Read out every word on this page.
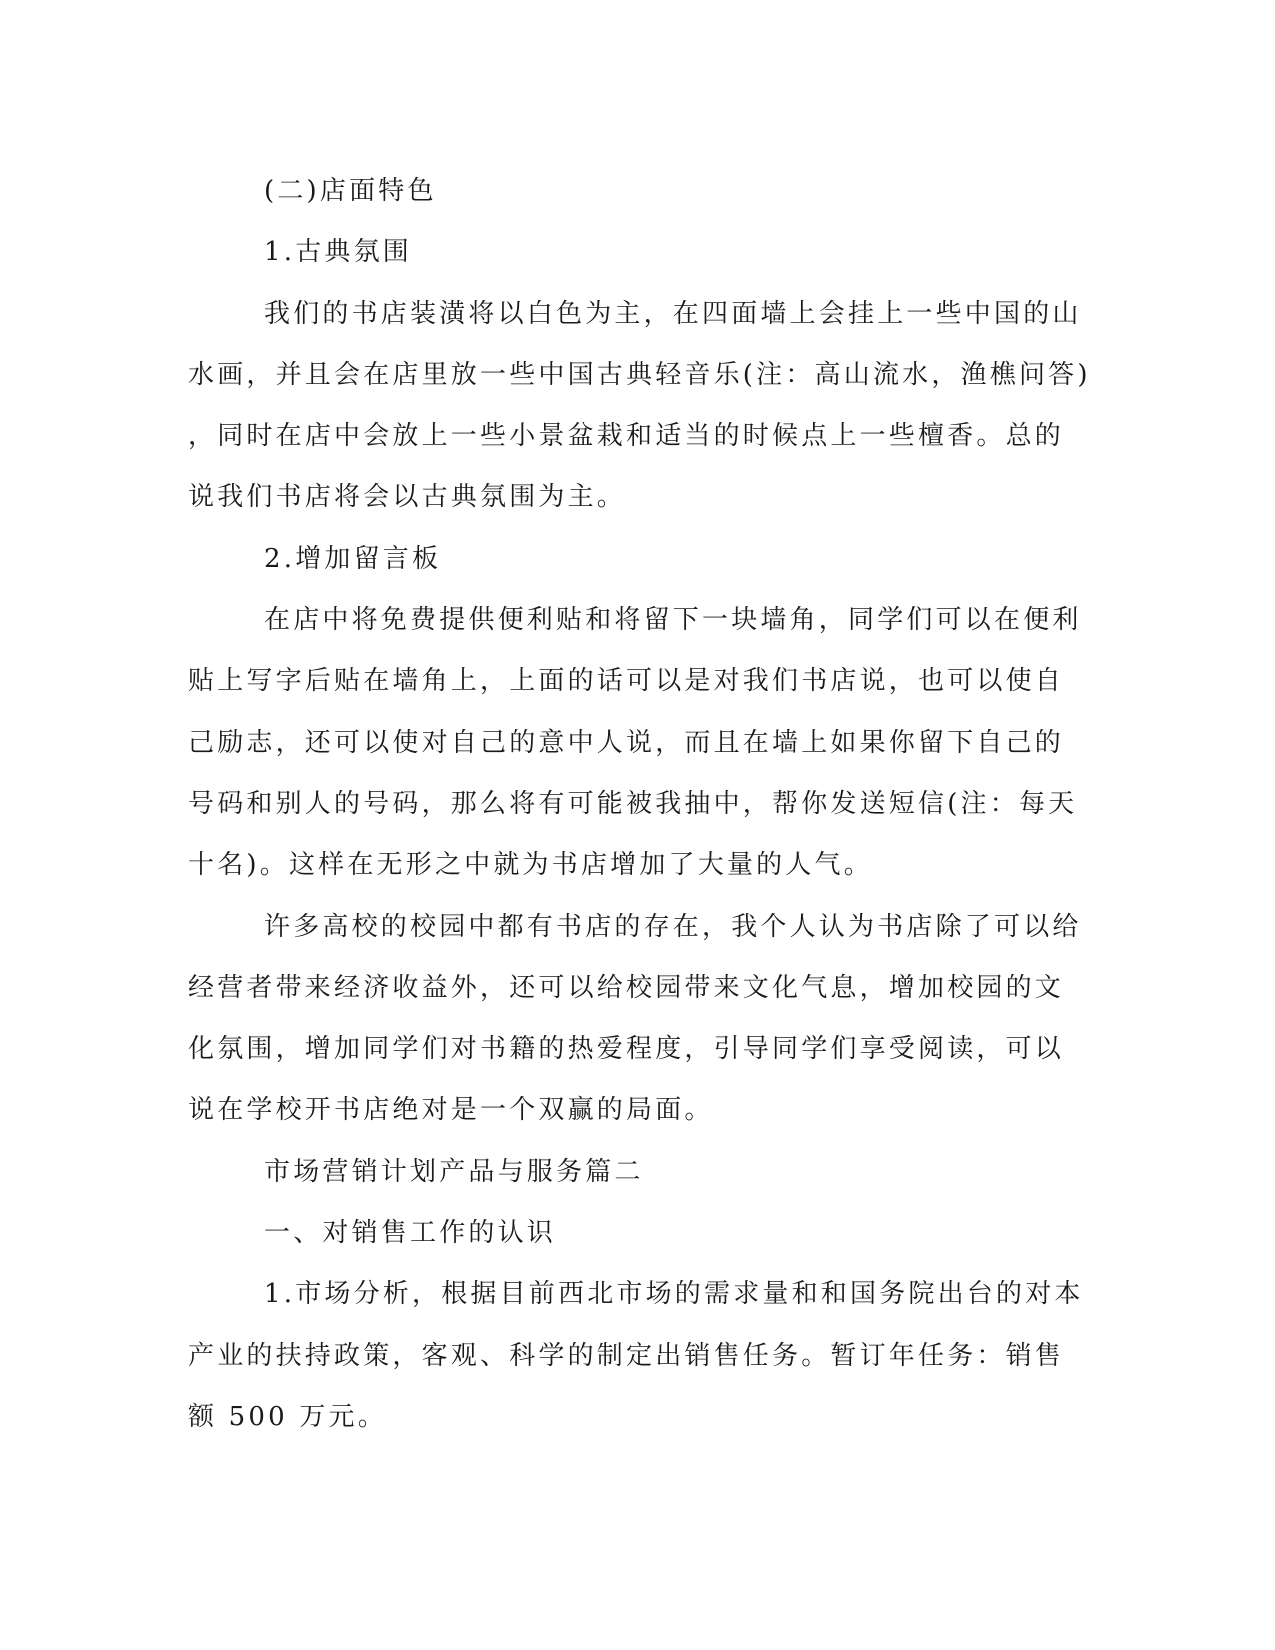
(二)店面特色
1.古典氛围
我们的书店装潢将以白色为主，在四面墙上会挂上一些中国的山
水画，并且会在店里放一些中国古典轻音乐(注：高山流水，渔樵问答)
，同时在店中会放上一些小景盆栽和适当的时候点上一些檀香。总的
说我们书店将会以古典氛围为主。
2.增加留言板
在店中将免费提供便利贴和将留下一块墙角，同学们可以在便利
贴上写字后贴在墙角上，上面的话可以是对我们书店说，也可以使自
己励志，还可以使对自己的意中人说，而且在墙上如果你留下自己的
号码和别人的号码，那么将有可能被我抽中，帮你发送短信(注：每天
十名)。这样在无形之中就为书店增加了大量的人气。
许多高校的校园中都有书店的存在，我个人认为书店除了可以给
经营者带来经济收益外，还可以给校园带来文化气息，增加校园的文
化氛围，增加同学们对书籍的热爱程度，引导同学们享受阅读，可以
说在学校开书店绝对是一个双赢的局面。
市场营销计划产品与服务篇二
一、对销售工作的认识
1.市场分析，根据目前西北市场的需求量和和国务院出台的对本
产业的扶持政策，客观、科学的制定出销售任务。暂订年任务：销售
额 500 万元。
